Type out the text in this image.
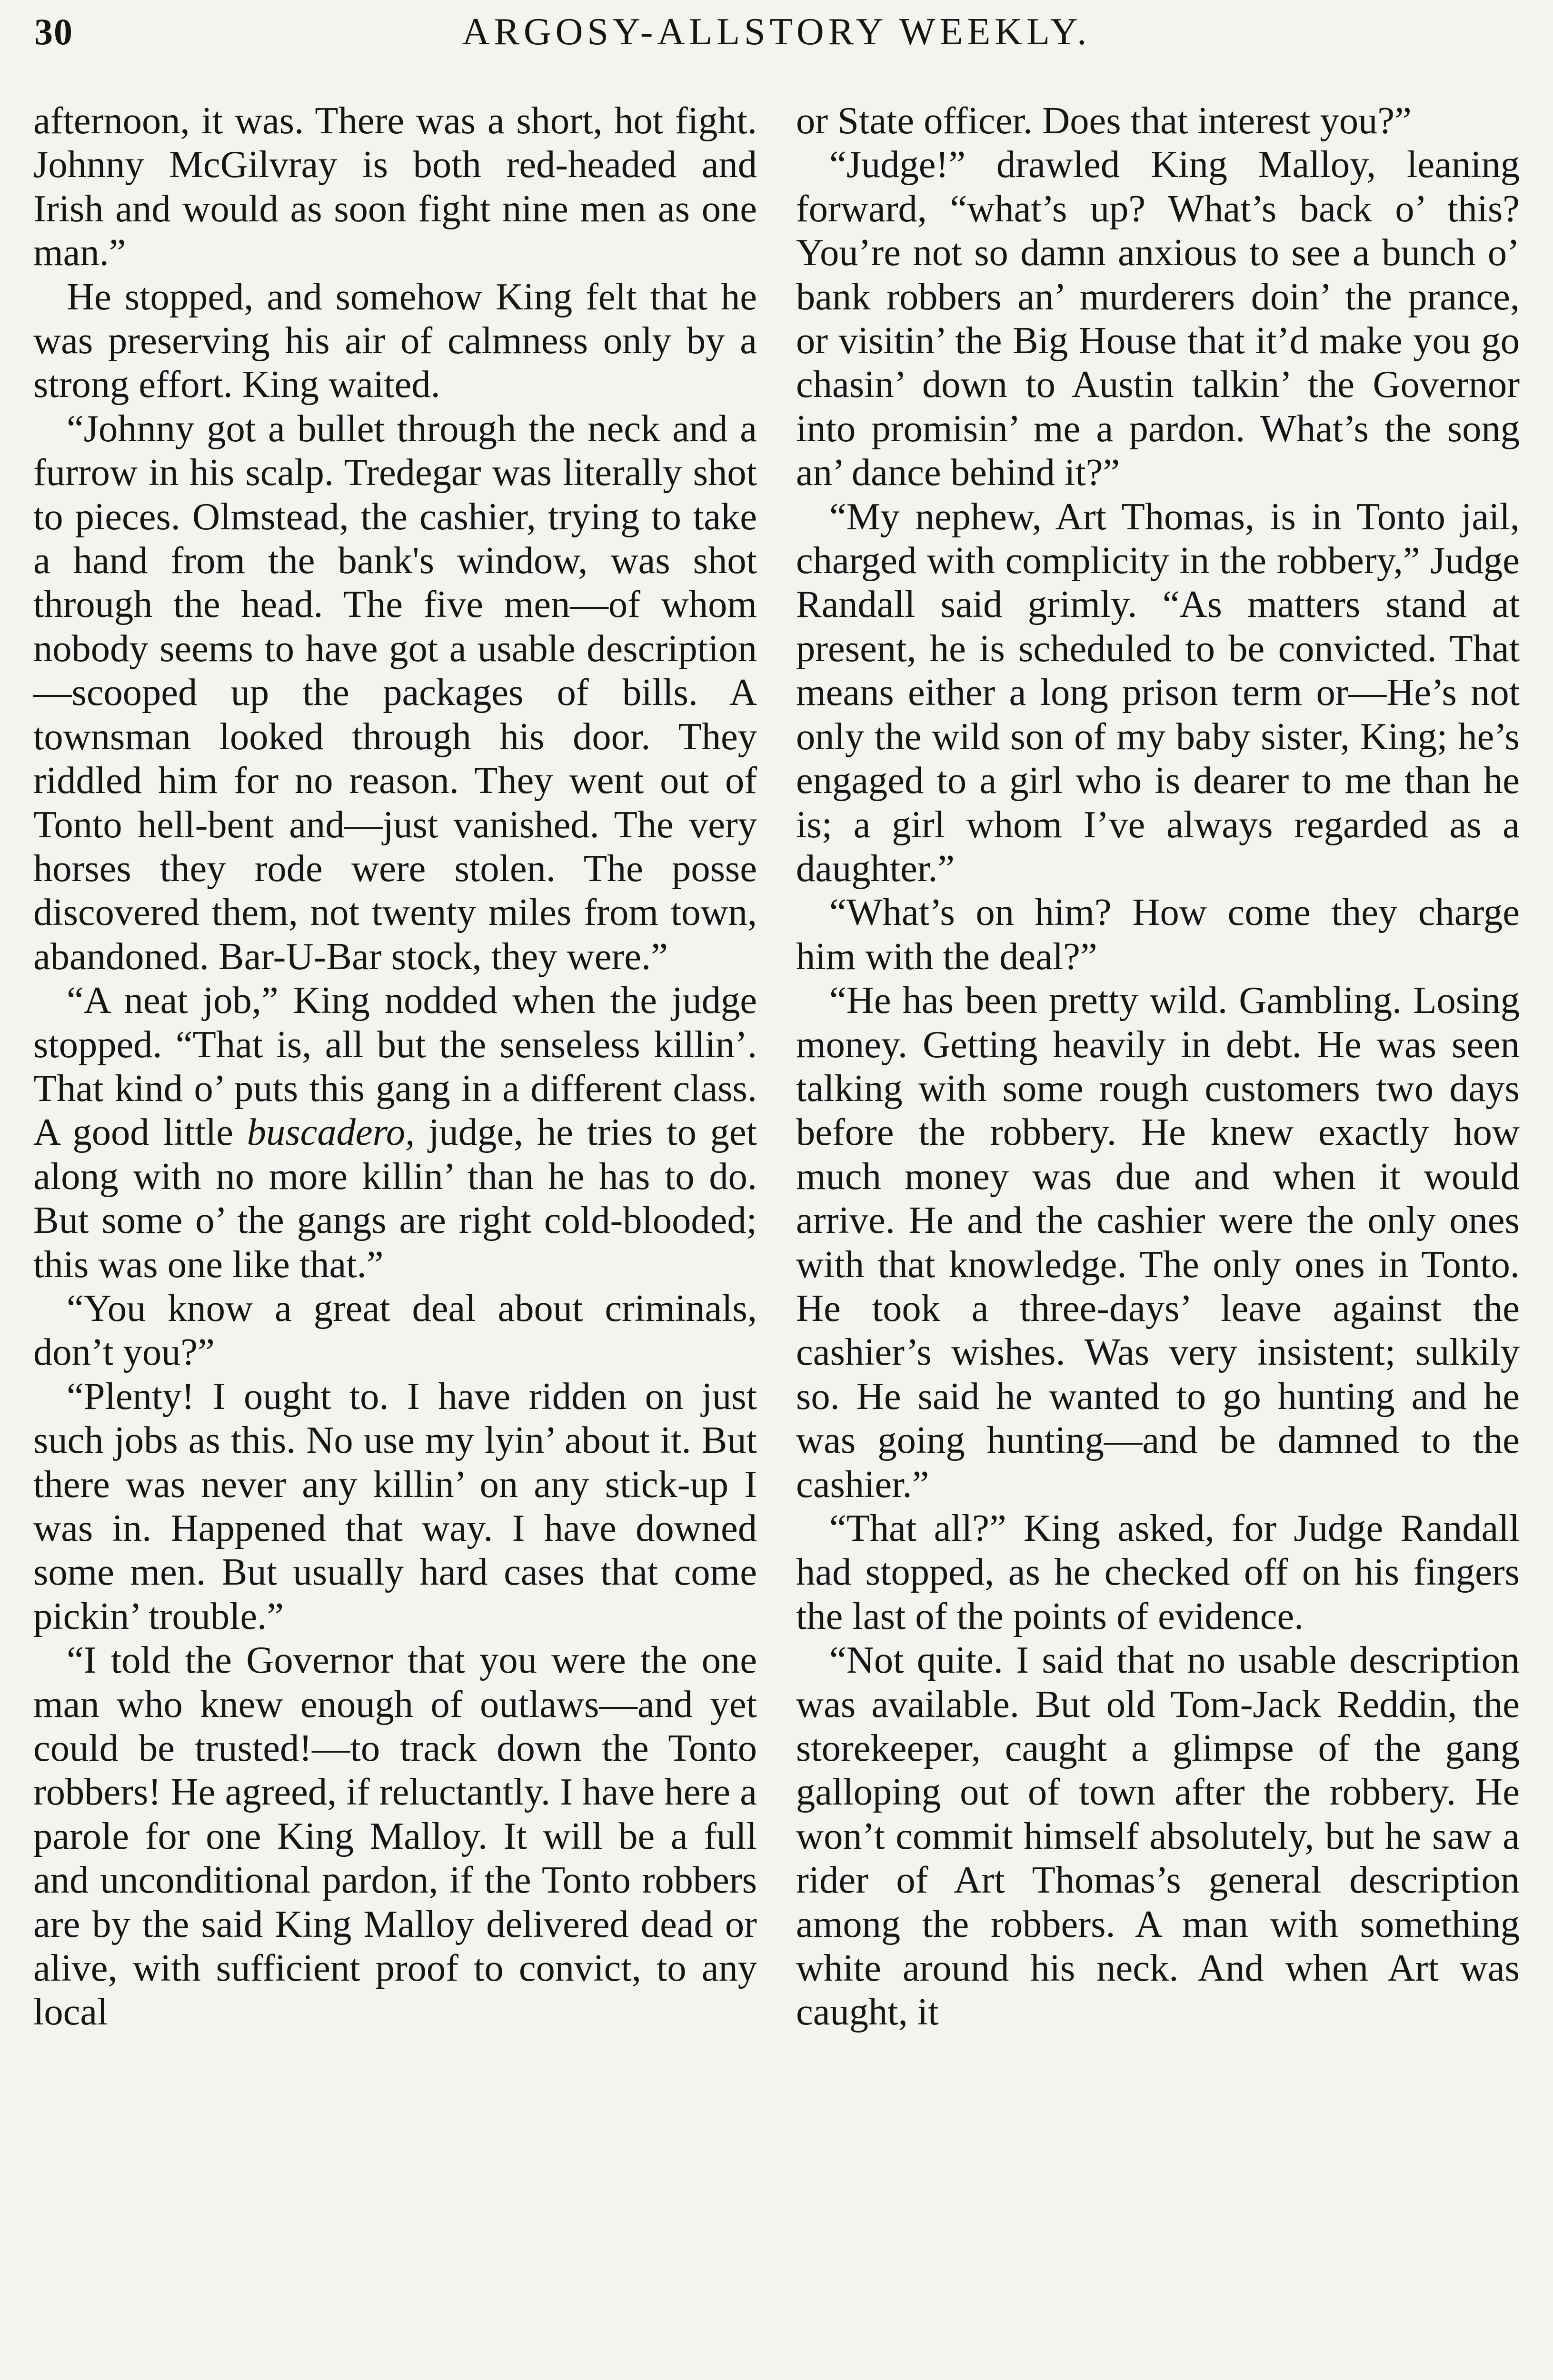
30	ARGOSY-ALLSTORY WEEKLY.

afternoon, it was. There was a short, hot fight. Johnny McGilvray is both red-headed and Irish and would as soon fight nine men as one man.”

He stopped, and somehow King felt that he was preserving his air of calmness only by a strong effort. King waited.

“Johnny got a bullet through the neck and a furrow in his scalp. Tredegar was literally shot to pieces. Olmstead, the cashier, trying to take a hand from the bank's window, was shot through the head. The five men—of whom nobody seems to have got a usable description—scooped up the packages of bills. A townsman looked through his door. They riddled him for no reason. They went out of Tonto hell-bent and—just vanished. The very horses they rode were stolen. The posse discovered them, not twenty miles from town, abandoned. Bar-U-Bar stock, they were.”

“A neat job,” King nodded when the judge stopped. “That is, all but the senseless killin’. That kind o’ puts this gang in a different class. A good little buscadero, judge, he tries to get along with no more killin’ than he has to do. But some o’ the gangs are right cold-blooded; this was one like that.”

“You know a great deal about criminals, don’t you?”

“Plenty! I ought to. I have ridden on just such jobs as this. No use my lyin’ about it. But there was never any killin’ on any stick-up I was in. Happened that way. I have downed some men. But usually hard cases that come pickin’ trouble.”

“I told the Governor that you were the one man who knew enough of outlaws—and yet could be trusted!—to track down the Tonto robbers! He agreed, if reluctantly. I have here a parole for one King Malloy. It will be a full and unconditional pardon, if the Tonto robbers are by the said King Malloy delivered dead or alive, with sufficient proof to convict, to any local

or State officer. Does that interest you?”

“Judge!” drawled King Malloy, leaning forward, “what’s up? What’s back o’ this? You’re not so damn anxious to see a bunch o’ bank robbers an’ murderers doin’ the prance, or visitin’ the Big House that it’d make you go chasin’ down to Austin talkin’ the Governor into promisin’ me a pardon. What’s the song an’ dance behind it?”

“My nephew, Art Thomas, is in Tonto jail, charged with complicity in the robbery,” Judge Randall said grimly. “As matters stand at present, he is scheduled to be convicted. That means either a long prison term or—He’s not only the wild son of my baby sister, King; he’s engaged to a girl who is dearer to me than he is; a girl whom I’ve always regarded as a daughter.”

“What’s on him? How come they charge him with the deal?”

“He has been pretty wild. Gambling. Losing money. Getting heavily in debt. He was seen talking with some rough customers two days before the robbery. He knew exactly how much money was due and when it would arrive. He and the cashier were the only ones with that knowledge. The only ones in Tonto. He took a three-days’ leave against the cashier’s wishes. Was very insistent; sulkily so. He said he wanted to go hunting and he was going hunting—and be damned to the cashier.”

“That all?” King asked, for Judge Randall had stopped, as he checked off on his fingers the last of the points of evidence.

“Not quite. I said that no usable description was available. But old Tom-Jack Reddin, the storekeeper, caught a glimpse of the gang galloping out of town after the robbery. He won’t commit himself absolutely, but he saw a rider of Art Thomas’s general description among the robbers. A man with something white around his neck. And when Art was caught, it
